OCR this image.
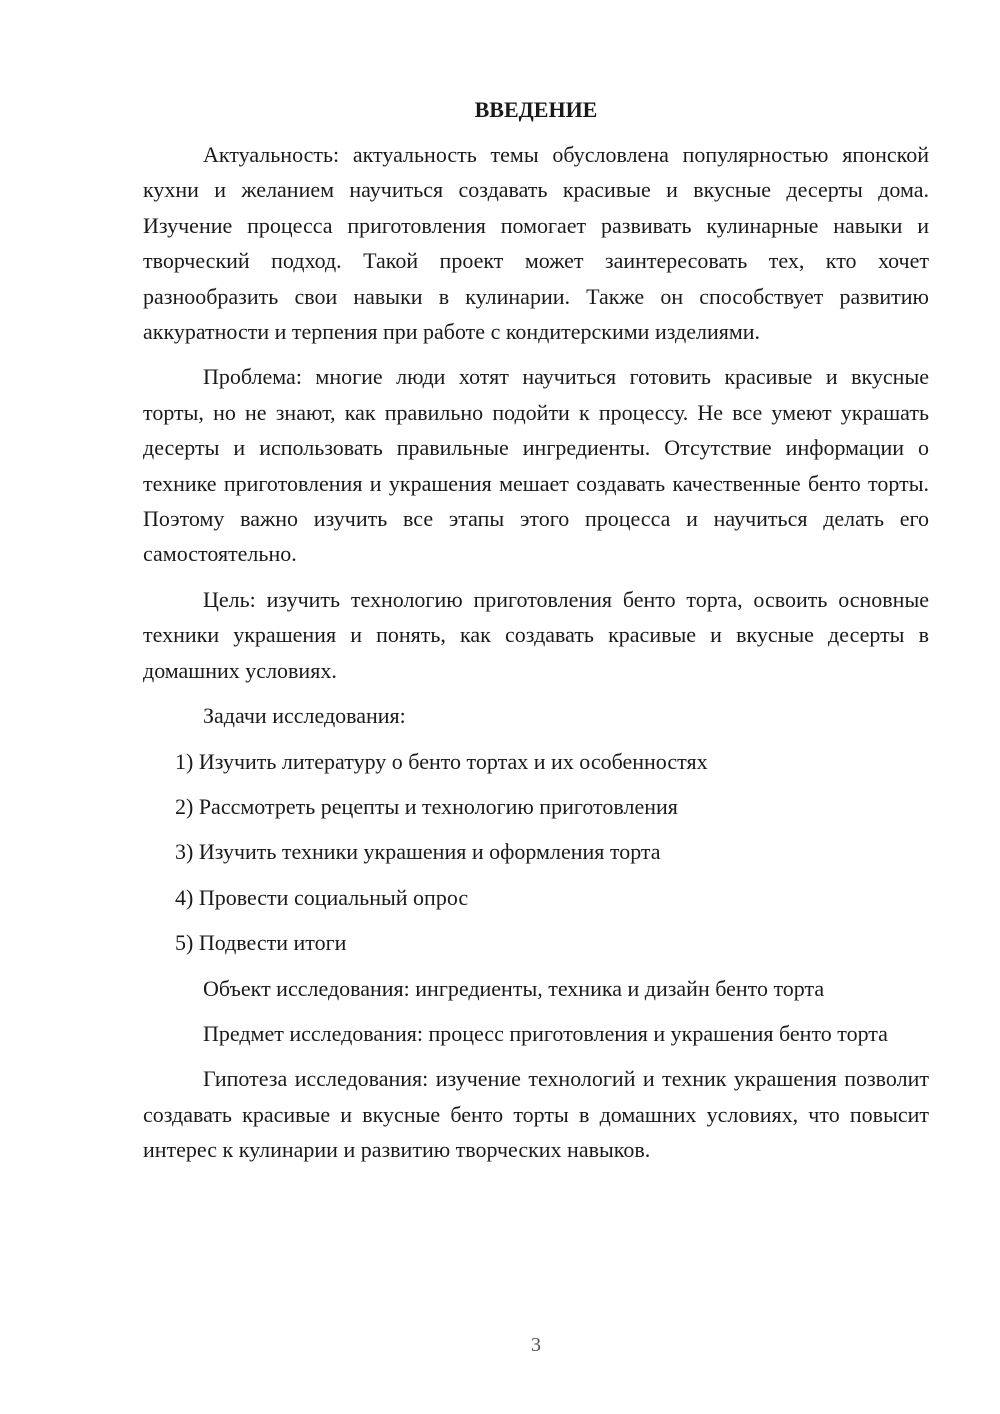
ВВЕДЕНИЕ

Актуальность: актуальность темы обусловлена популярностью японской кухни и желанием научиться создавать красивые и вкусные десерты дома. Изучение процесса приготовления помогает развивать кулинарные навыки и творческий подход. Такой проект может заинтересовать тех, кто хочет разнообразить свои навыки в кулинарии. Также он способствует развитию аккуратности и терпения при работе с кондитерскими изделиями.

Проблема: многие люди хотят научиться готовить красивые и вкусные торты, но не знают, как правильно подойти к процессу. Не все умеют украшать десерты и использовать правильные ингредиенты. Отсутствие информации о технике приготовления и украшения мешает создавать качественные бенто торты. Поэтому важно изучить все этапы этого процесса и научиться делать его самостоятельно.

Цель: изучить технологию приготовления бенто торта, освоить основные техники украшения и понять, как создавать красивые и вкусные десерты в домашних условиях.

Задачи исследования:
1) Изучить литературу о бенто тортах и их особенностях
2) Рассмотреть рецепты и технологию приготовления
3) Изучить техники украшения и оформления торта
4) Провести социальный опрос
5) Подвести итоги
Объект исследования: ингредиенты, техника и дизайн бенто торта

Предмет исследования: процесс приготовления и украшения бенто торта

Гипотеза исследования: изучение технологий и техник украшения позволит создавать красивые и вкусные бенто торты в домашних условиях, что повысит интерес к кулинарии и развитию творческих навыков.

3
